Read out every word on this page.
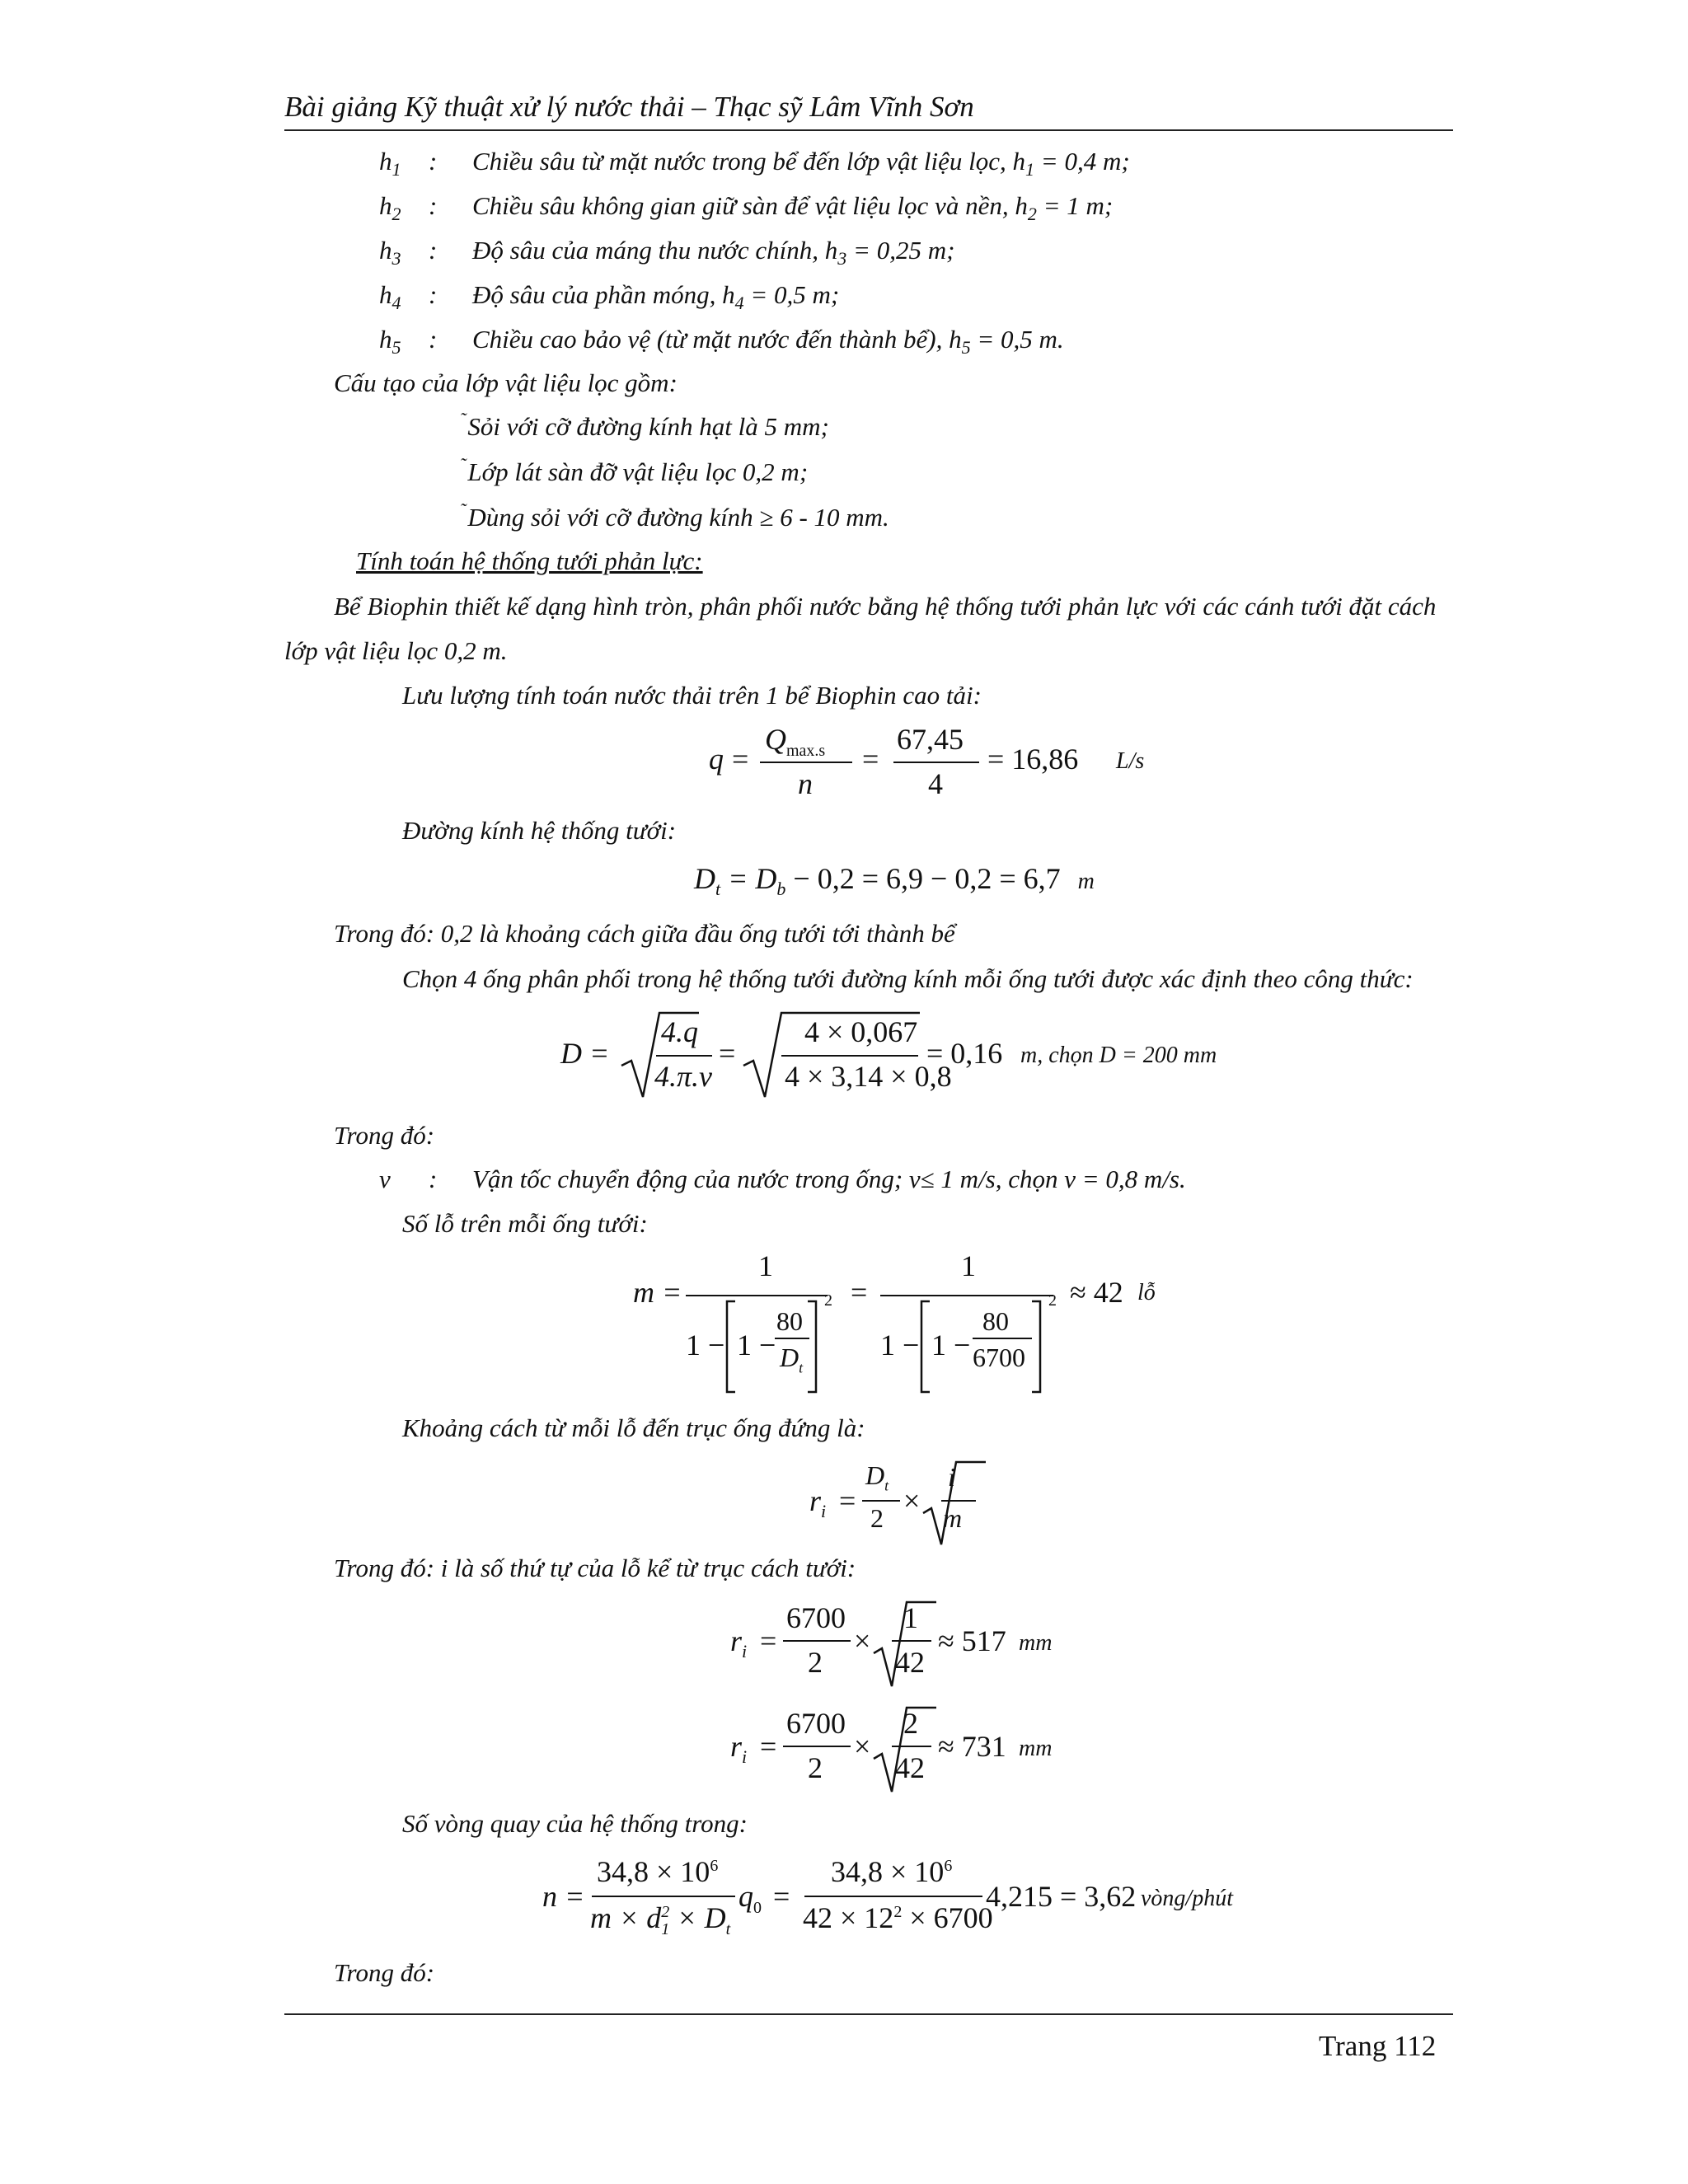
Bài giảng Kỹ thuật xử lý nước thải – Thạc sỹ Lâm Vĩnh Sơn
$h_1$ : Chiều sâu từ mặt nước trong bể đến lớp vật liệu lọc, $h_1 = 0,4$ m;
$h_2$ : Chiều sâu không gian giữ sàn để vật liệu lọc và nền, $h_2 = 1$ m;
$h_3$ : Độ sâu của máng thu nước chính, $h_3 = 0,25$ m;
$h_4$ : Độ sâu của phần móng, $h_4 = 0,5$ m;
$h_5$ : Chiều cao bảo vệ (từ mặt nước đến thành bể), $h_5 = 0,5$ m.
Cấu tạo của lớp vật liệu lọc gồm:
˜Sỏi với cỡ đường kính hạt là 5 mm;
˜Lớp lát sàn đỡ vật liệu lọc 0,2 m;
˜Dùng sỏi với cỡ đường kính ≥ 6 - 10 mm.
Tính toán hệ thống tưới phản lực:
Bể Biophin thiết kế dạng hình tròn, phân phối nước bằng hệ thống tưới phản lực với các cánh tưới đặt cách
lớp vật liệu lọc 0,2 m.
Lưu lượng tính toán nước thải trên 1 bể Biophin cao tải:
q =
$Q_{max.s}$
n
=
67,45
4
= 16,86 L/s
Đường kính hệ thống tưới:
$D_t = D_b - 0,2 = 6,9 - 0,2 = 6,7$ m
Trong đó: 0,2 là khoảng cách giữa đầu ống tưới tới thành bể
Chọn 4 ống phân phối trong hệ thống tưới đường kính mỗi ống tưới được xác định theo công thức:
D =
4.q
4.π.v
=
4 × 0,067
4 × 3,14 × 0,8
= 0,16 m, chọn D = 200 mm
Trong đó:
v : Vận tốc chuyển động của nước trong ống; v≤ 1 m/s, chọn v = 0,8 m/s.
Số lỗ trên mỗi ống tưới:
m =
1
1 − 1 −
80
$D_t$
2 =
1
1 − 1 −
80
6700
2 ≈ 42 lỗ
Khoảng cách từ mỗi lỗ đến trục ống đứng là:
$r_i$ =
$D_t$
2
×
i
m
Trong đó: i là số thứ tự của lỗ kể từ trục cách tưới:
$r_i$ =
6700
2
×
1
42
≈ 517 mm
$r_i$ =
6700
2
×
2
42
≈ 731 mm
Số vòng quay của hệ thống trong:
n =
$34,8 \times 10^6$
$m \times d_1^2 \times D_t$
$q_0$ =
$34,8 \times 10^6$
$42 \times 12^2 \times 6700$
4,215 = 3,62 vòng/phút
Trong đó:
Trang 112
